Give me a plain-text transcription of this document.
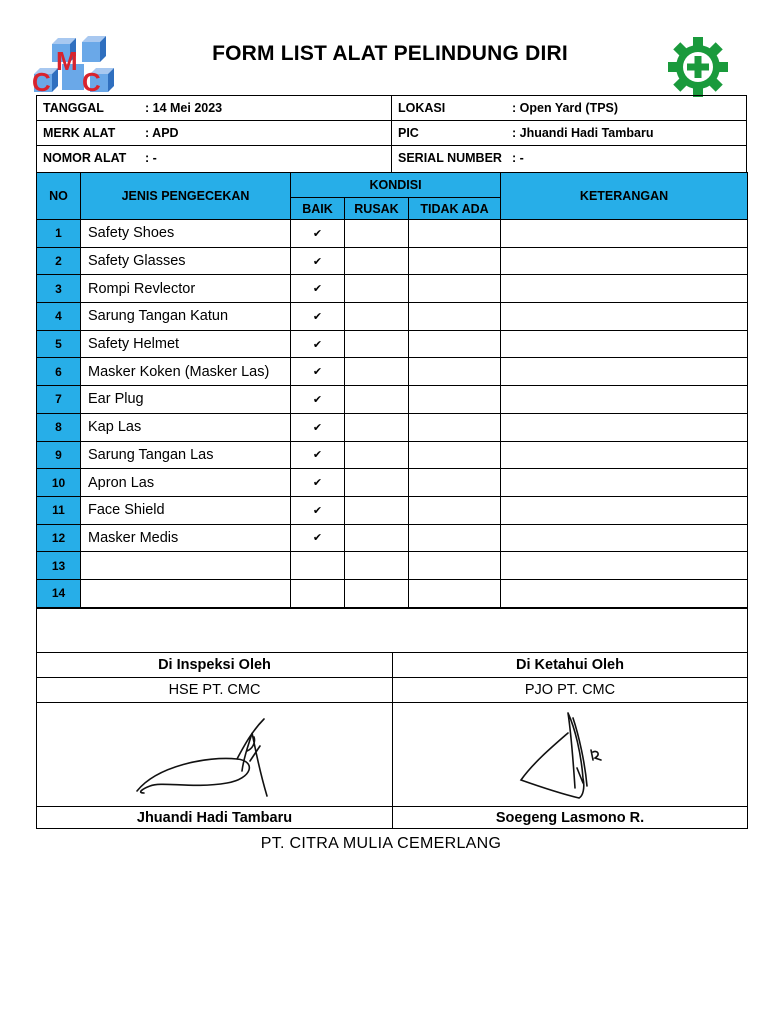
C
M
C
FORM LIST ALAT PELINDUNG DIRI
TANGGAL	: 14 Mei 2023	LOKASI	: Open Yard (TPS)
MERK ALAT : APD	PIC	: Jhuandi Hadi Tambaru
NOMOR ALAT : -	SERIAL NUMBER : -
NO	JENIS PENGECEKAN	KONDISI			KETERANGAN
		BAIK	RUSAK	TIDAK ADA	
1	Safety Shoes	✔			
2	Safety Glasses	✔			
3	Rompi Revlector	✔			
4	Sarung Tangan Katun	✔			
5	Safety Helmet	✔			
6	Masker Koken (Masker Las)	✔			
7	Ear Plug	✔			
8	Kap Las	✔			
9	Sarung Tangan Las	✔			
10	Apron Las	✔			
11	Face Shield	✔			
12	Masker Medis	✔			
13					
14					

Di Inspeksi Oleh	Di Ketahui Oleh
HSE PT. CMC	PJO PT. CMC

Jhuandi Hadi Tambaru	Soegeng Lasmono R.
PT. CITRA MULIA CEMERLANG
